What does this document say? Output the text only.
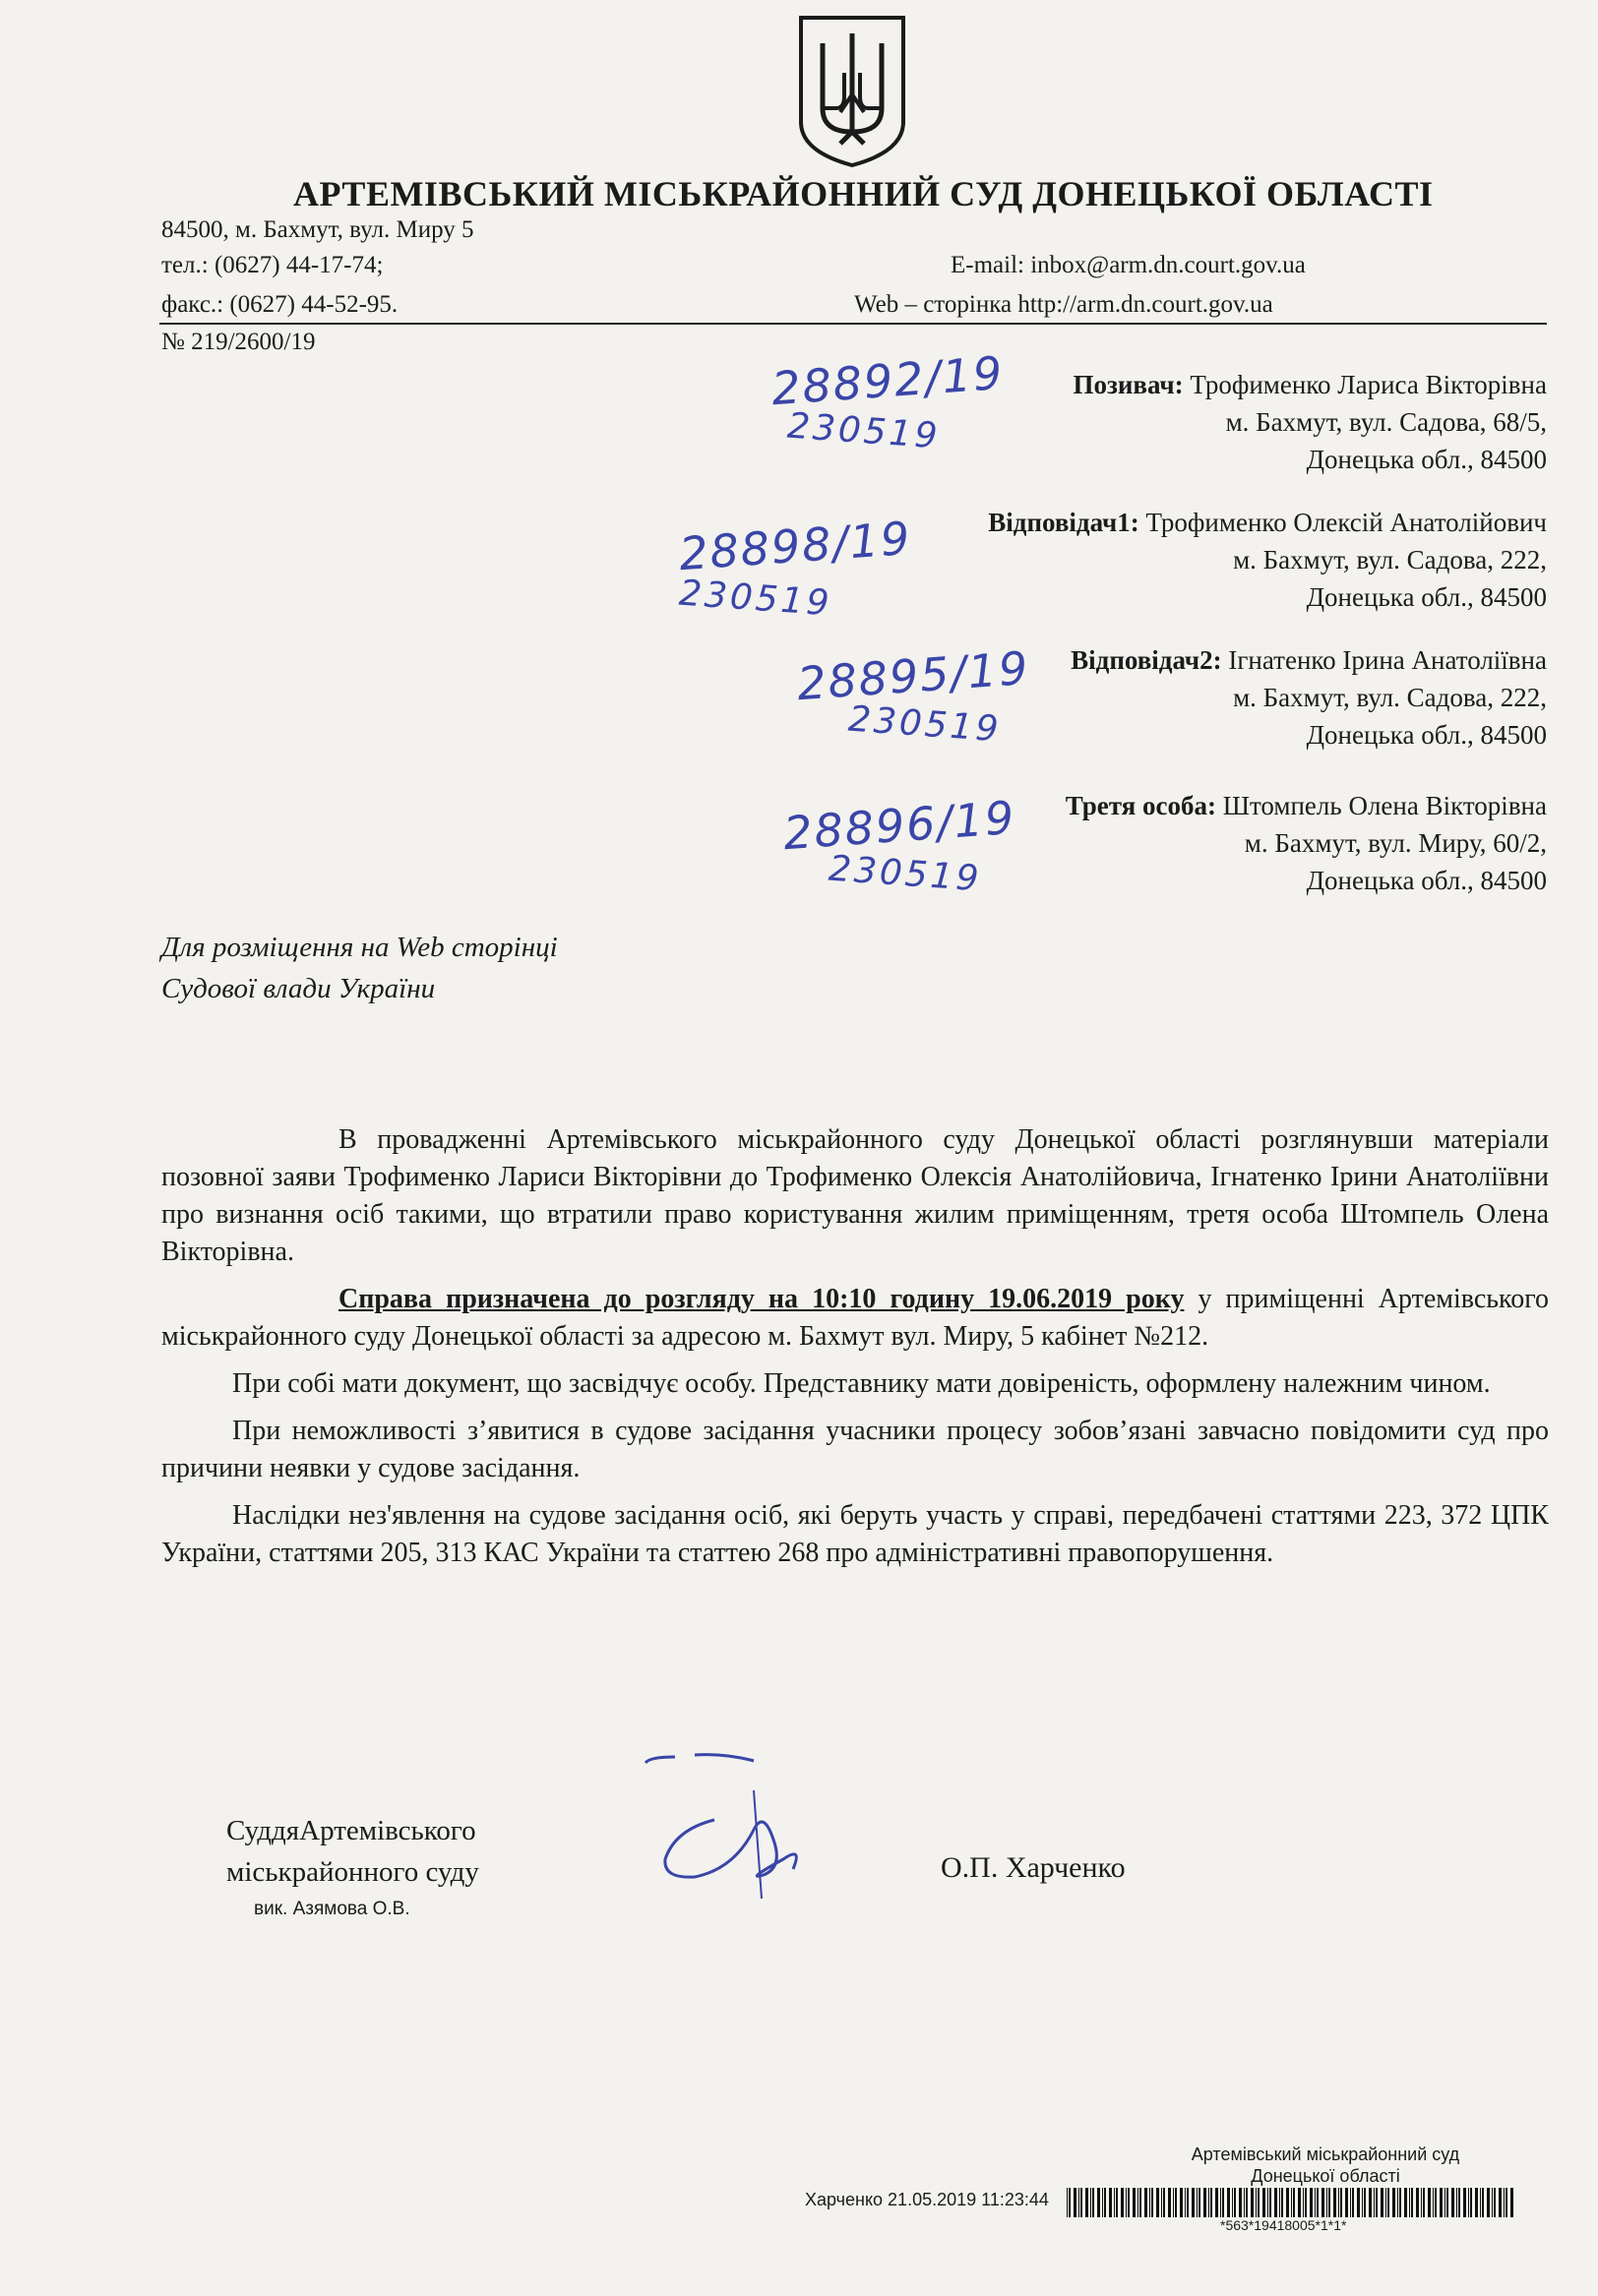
АРТЕМІВСЬКИЙ МІСЬКРАЙОННИЙ СУД ДОНЕЦЬКОЇ ОБЛАСТІ
84500, м. Бахмут, вул. Миру 5
тел.: (0627) 44-17-74;
факс.: (0627) 44-52-95.
E-mail: inbox@arm.dn.court.gov.ua
Web – сторінка http://arm.dn.court.gov.ua
№ 219/2600/19
Позивач: Трофименко Лариса Вікторівна
м. Бахмут, вул. Садова, 68/5,
Донецька обл., 84500
28892/19
230519
Відповідач1: Трофименко Олексій Анатолійович
м. Бахмут, вул. Садова, 222,
Донецька обл., 84500
28898/19
230519
Відповідач2: Ігнатенко Ірина Анатоліївна
м. Бахмут, вул. Садова, 222,
Донецька обл., 84500
28895/19
230519
Третя особа: Штомпель Олена Вікторівна
м. Бахмут, вул. Миру, 60/2,
Донецька обл., 84500
28896/19
230519
Для розміщення на Web сторінці
Судової влади України

В провадженні Артемівського міськрайонного суду Донецької області розглянувши матеріали позовної заяви Трофименко Лариси Вікторівни до Трофименко Олексія Анатолійовича, Ігнатенко Ірини Анатоліївни про визнання осіб такими, що втратили право користування жилим приміщенням, третя особа Штомпель Олена Вікторівна.

Справа призначена до розгляду на 10:10 годину 19.06.2019 року у приміщенні Артемівського міськрайонного суду Донецької області за адресою м. Бахмут вул. Миру, 5 кабінет №212.

При собі мати документ, що засвідчує особу. Представнику мати довіреність, оформлену належним чином.

При неможливості з’явитися в судове засідання учасники процесу зобов’язані завчасно повідомити суд про причини неявки у судове засідання.

Наслідки нез'явлення на судове засідання осіб, які беруть участь у справі, передбачені статтями 223, 372 ЦПК України, статтями 205, 313 КАС України та статтею 268 про адміністративні правопорушення.

СуддяАртемівського
міськрайонного суду
вик. Азямова О.В.
О.П. Харченко
Артемівський міськрайонний суд
Донецької області
Харченко 21.05.2019 11:23:44
*563*19418005*1*1*
